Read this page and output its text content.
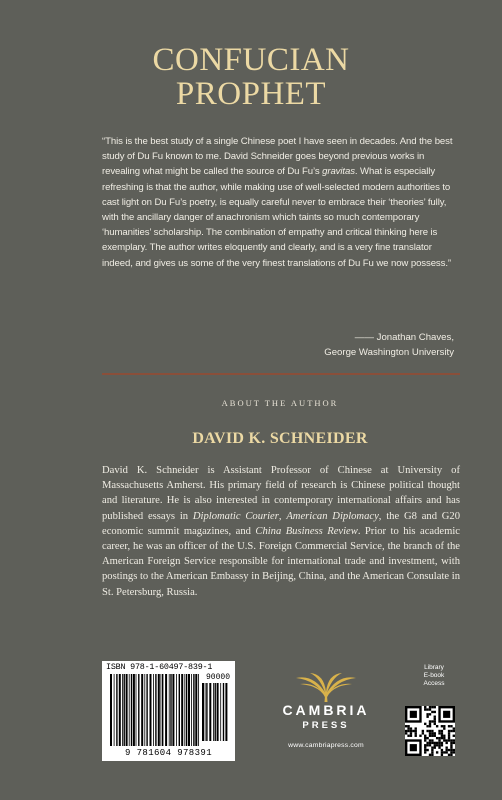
CONFUCIAN
PROPHET
“This is the best study of a single Chinese poet I have seen in decades. And the best study of Du Fu known to me. David Schneider goes beyond previous works in revealing what might be called the source of Du Fu’s gravitas. What is especially refreshing is that the author, while making use of well-selected modern authorities to cast light on Du Fu’s poetry, is equally careful never to embrace their ‘theories’ fully, with the ancillary danger of anachronism which taints so much contemporary ‘humanities’ scholarship. The combination of empathy and critical thinking here is exemplary. The author writes eloquently and clearly, and is a very fine translator indeed, and gives us some of the very finest translations of Du Fu we now possess.”
—— Jonathan Chaves,
George Washington University
ABOUT THE AUTHOR
DAVID K. SCHNEIDER
David K. Schneider is Assistant Professor of Chinese at University of Massachusetts Amherst. His primary field of research is Chinese political thought and literature. He is also interested in contemporary international affairs and has published essays in Diplomatic Courier, American Diplomacy, the G8 and G20 economic summit magazines, and China Business Review. Prior to his academic career, he was an officer of the U.S. Foreign Commercial Service, the branch of the American Foreign Service responsible for international trade and investment, with postings to the American Embassy in Beijing, China, and the American Consulate in St. Petersburg, Russia.
ISBN 978-1-60497-839-1
90000
9 781604 978391
CAMBRIA
PRESS
www.cambriapress.com
Library
E-book
Access
